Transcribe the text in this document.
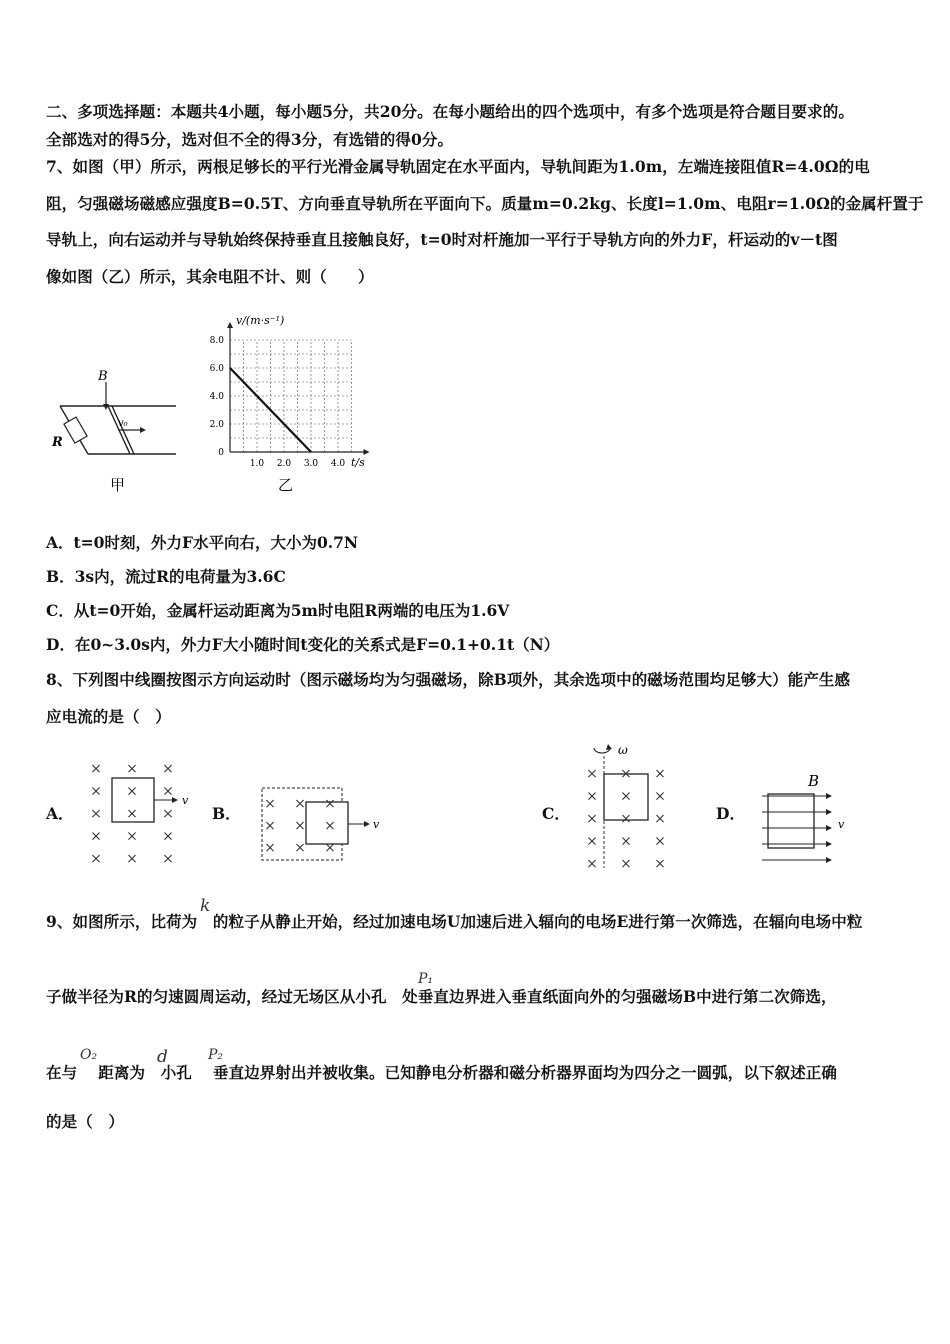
二、多项选择题：本题共4小题，每小题5分，共20分。在每小题给出的四个选项中，有多个选项是符合题目要求的。
全部选对的得5分，选对但不全的得3分，有选错的得0分。
7、如图（甲）所示，两根足够长的平行光滑金属导轨固定在水平面内，导轨间距为1.0m，左端连接阻值R=4.0Ω的电
阻，匀强磁场磁感应强度B=0.5T、方向垂直导轨所在平面向下。质量m=0.2kg、长度l=1.0m、电阻r=1.0Ω的金属杆置于
导轨上，向右运动并与导轨始终保持垂直且接触良好，t=0时对杆施加一平行于导轨方向的外力F，杆运动的v－t图
像如图（乙）所示，其余电阻不计、则（　　）
B
v₀
R
甲
8.0
6.0
4.0
2.0
0
1.0 2.0 3.0 4.0
v/(m·s⁻¹)
t/s
乙
A．t=0时刻，外力F水平向右，大小为0.7N
B．3s内，流过R的电荷量为3.6C
C．从t=0开始，金属杆运动距离为5m时电阻R两端的电压为1.6V
D．在0~3.0s内，外力F大小随时间t变化的关系式是F=0.1+0.1t（N）
8、下列图中线圈按图示方向运动时（图示磁场均为匀强磁场，除B项外，其余选项中的磁场范围均足够大）能产生感
应电流的是（　）
A．
v
×
×
×
×
×
×
×
×
×
×
×
×
×
×
×
B．
v
×
×
×
×
×
×
×
×
×
C．
ω
×
×
×
×
×
×
×
×
×
×
×
×
×
×
×
D．
B
v
9、如图所示，比荷为　的粒子从静止开始，经过加速电场U加速后进入辐向的电场E进行第一次筛选，在辐向电场中粒
k
子做半径为R的匀速圆周运动，经过无场区从小孔　处垂直边界进入垂直纸面向外的匀强磁场B中进行第二次筛选，
P₁
在与　 距离为　小孔　 垂直边界射出并被收集。已知静电分析器和磁分析器界面均为四分之一圆弧，以下叙述正确
O₂	d	P₂
的是（　）
